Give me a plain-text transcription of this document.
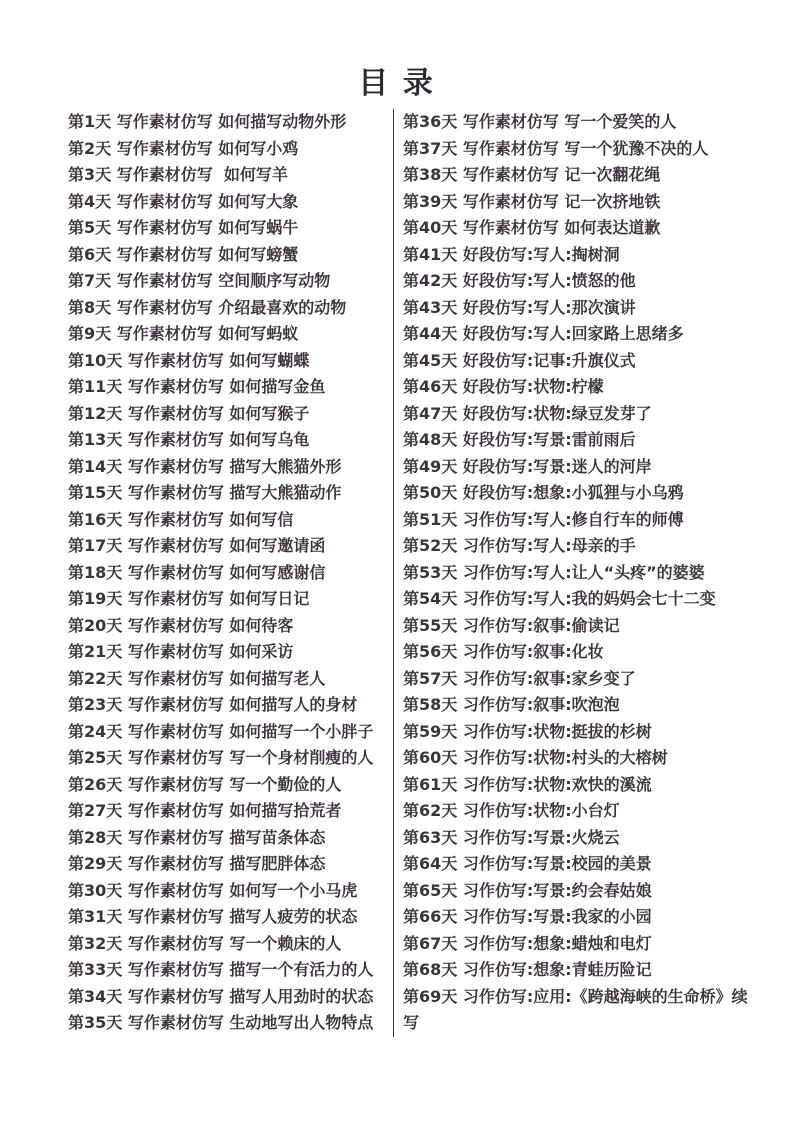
目 录
第1天 写作素材仿写 如何描写动物外形
第2天 写作素材仿写 如何写小鸡
第3天 写作素材仿写  如何写羊
第4天 写作素材仿写 如何写大象
第5天 写作素材仿写 如何写蜗牛
第6天 写作素材仿写 如何写螃蟹
第7天 写作素材仿写 空间顺序写动物
第8天 写作素材仿写 介绍最喜欢的动物
第9天 写作素材仿写 如何写蚂蚁
第10天 写作素材仿写 如何写蝴蝶
第11天 写作素材仿写 如何描写金鱼
第12天 写作素材仿写 如何写猴子
第13天 写作素材仿写 如何写乌龟
第14天 写作素材仿写 描写大熊猫外形
第15天 写作素材仿写 描写大熊猫动作
第16天 写作素材仿写 如何写信
第17天 写作素材仿写 如何写邀请函
第18天 写作素材仿写 如何写感谢信
第19天 写作素材仿写 如何写日记
第20天 写作素材仿写 如何待客
第21天 写作素材仿写 如何采访
第22天 写作素材仿写 如何描写老人
第23天 写作素材仿写 如何描写人的身材
第24天 写作素材仿写 如何描写一个小胖子
第25天 写作素材仿写 写一个身材削瘦的人
第26天 写作素材仿写 写一个勤俭的人
第27天 写作素材仿写 如何描写拾荒者
第28天 写作素材仿写 描写苗条体态
第29天 写作素材仿写 描写肥胖体态
第30天 写作素材仿写 如何写一个小马虎
第31天 写作素材仿写 描写人疲劳的状态
第32天 写作素材仿写 写一个赖床的人
第33天 写作素材仿写 描写一个有活力的人
第34天 写作素材仿写 描写人用劲时的状态
第35天 写作素材仿写 生动地写出人物特点
第36天 写作素材仿写 写一个爱笑的人
第37天 写作素材仿写 写一个犹豫不决的人
第38天 写作素材仿写 记一次翻花绳
第39天 写作素材仿写 记一次挤地铁
第40天 写作素材仿写 如何表达道歉
第41天 好段仿写:写人:掏树洞
第42天 好段仿写:写人:愤怒的他
第43天 好段仿写:写人:那次演讲
第44天 好段仿写:写人:回家路上思绪多
第45天 好段仿写:记事:升旗仪式
第46天 好段仿写:状物:柠檬
第47天 好段仿写:状物:绿豆发芽了
第48天 好段仿写:写景:雷前雨后
第49天 好段仿写:写景:迷人的河岸
第50天 好段仿写:想象:小狐狸与小乌鸦
第51天 习作仿写:写人:修自行车的师傅
第52天 习作仿写:写人:母亲的手
第53天 习作仿写:写人:让人“头疼”的婆婆
第54天 习作仿写:写人:我的妈妈会七十二变
第55天 习作仿写:叙事:偷读记
第56天 习作仿写:叙事:化妆
第57天 习作仿写:叙事:家乡变了
第58天 习作仿写:叙事:吹泡泡
第59天 习作仿写:状物:挺拔的杉树
第60天 习作仿写:状物:村头的大榕树
第61天 习作仿写:状物:欢快的溪流
第62天 习作仿写:状物:小台灯
第63天 习作仿写:写景:火烧云
第64天 习作仿写:写景:校园的美景
第65天 习作仿写:写景:约会春姑娘
第66天 习作仿写:写景:我家的小园
第67天 习作仿写:想象:蜡烛和电灯
第68天 习作仿写:想象:青蛙历险记
第69天 习作仿写:应用:《跨越海峡的生命桥》续写
